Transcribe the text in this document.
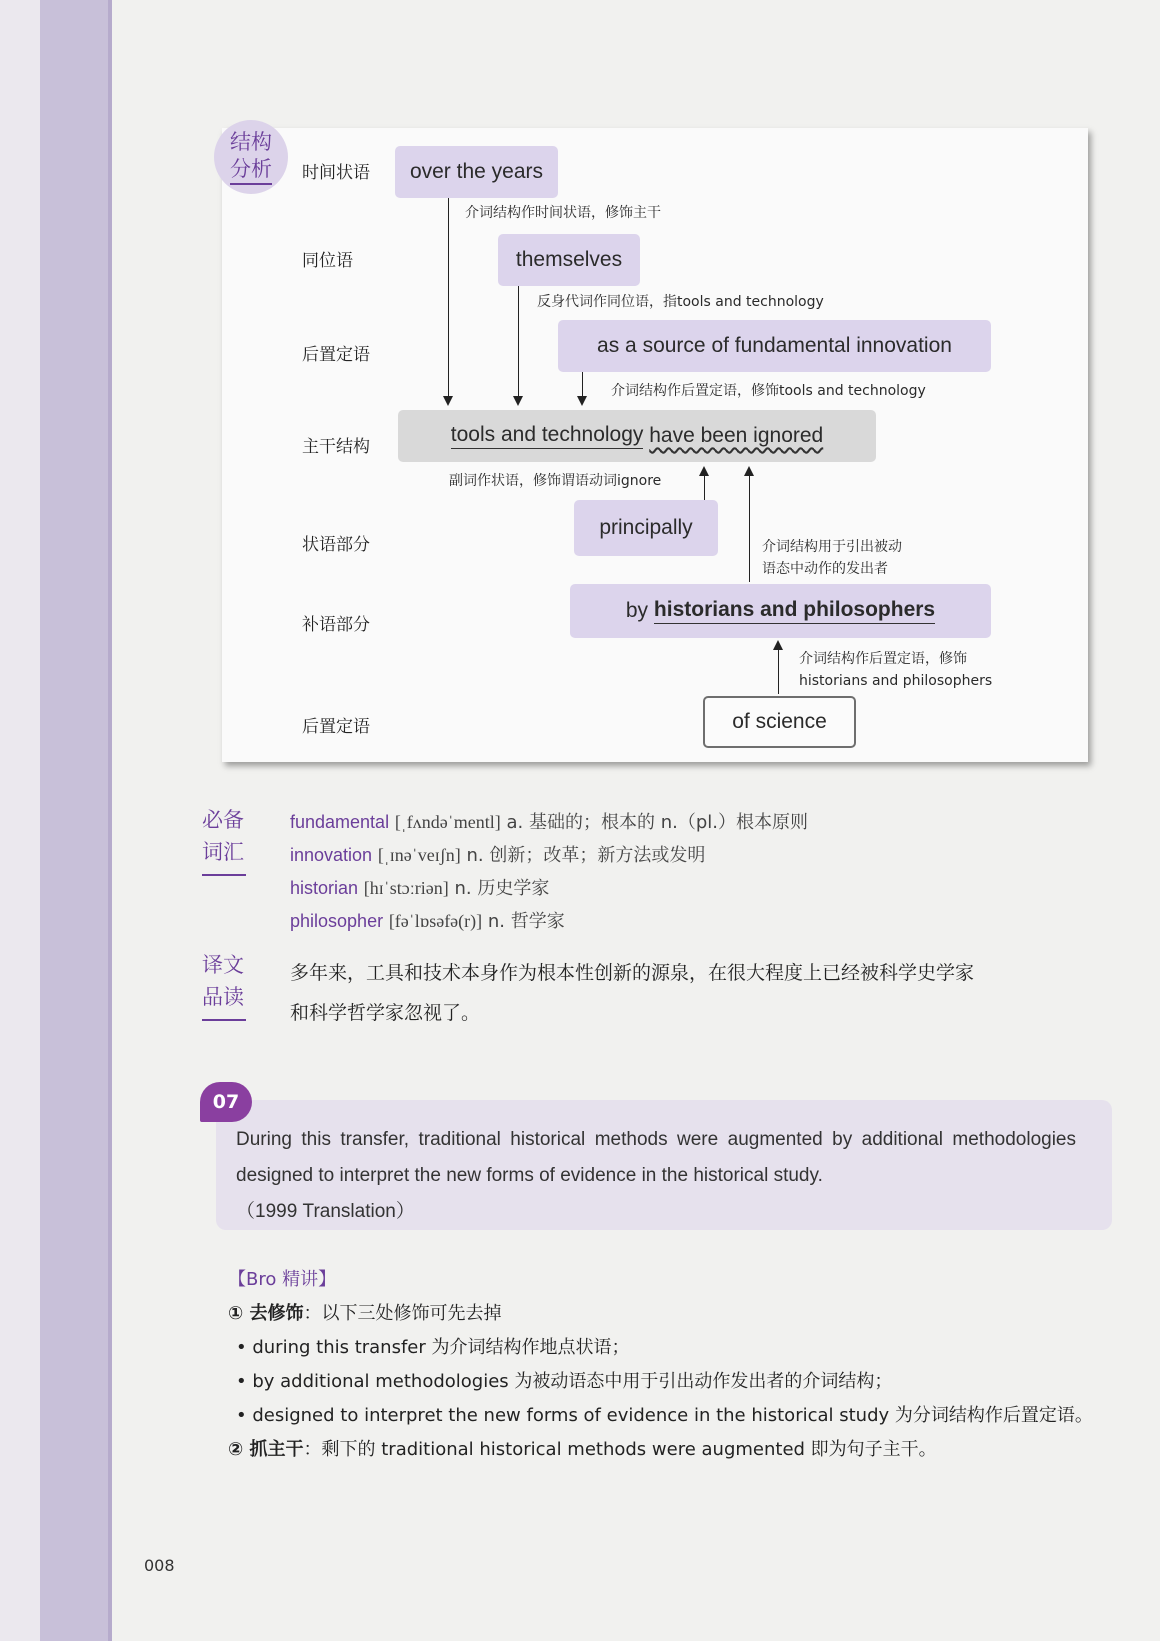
结构
分析 时间状语
同位语
后置定语
主干结构
状语部分
补语部分
后置定语
over the years
themselves
as a source of fundamental innovation
tools and technology
have been ignored
principally
by
historians and philosophers
of science
介词结构作时间状语，修饰主干
反身代词作同位语，指tools and technology
介词结构作后置定语，修饰tools and technology
副词作状语，修饰谓语动词ignore
介词结构用于引出被动
语态中动作的发出者
介词结构作后置定语，修饰
historians and philosophers
必备
词汇
fundamental [ˌfʌndəˈmentl] a. 基础的；根本的 n.（pl.）根本原则
innovation [ˌɪnəˈveɪʃn] n. 创新；改革；新方法或发明
historian [hɪˈstɔːriən] n. 历史学家
philosopher [fəˈlɒsəfə(r)] n. 哲学家
译文
品读
多年来，工具和技术本身作为根本性创新的源泉，在很大程度上已经被科学史学家
和科学哲学家忽视了。
07
During this transfer, traditional historical methods were augmented by additional methodologies designed to interpret the new forms of evidence in the historical study.
（1999 Translation）
【Bro 精讲】
① 去修饰：以下三处修饰可先去掉
• during this transfer 为介词结构作地点状语；
• by additional methodologies 为被动语态中用于引出动作发出者的介词结构；
• designed to interpret the new forms of evidence in the historical study 为分词结构作后置定语。
② 抓主干：剩下的 traditional historical methods were augmented 即为句子主干。
008
